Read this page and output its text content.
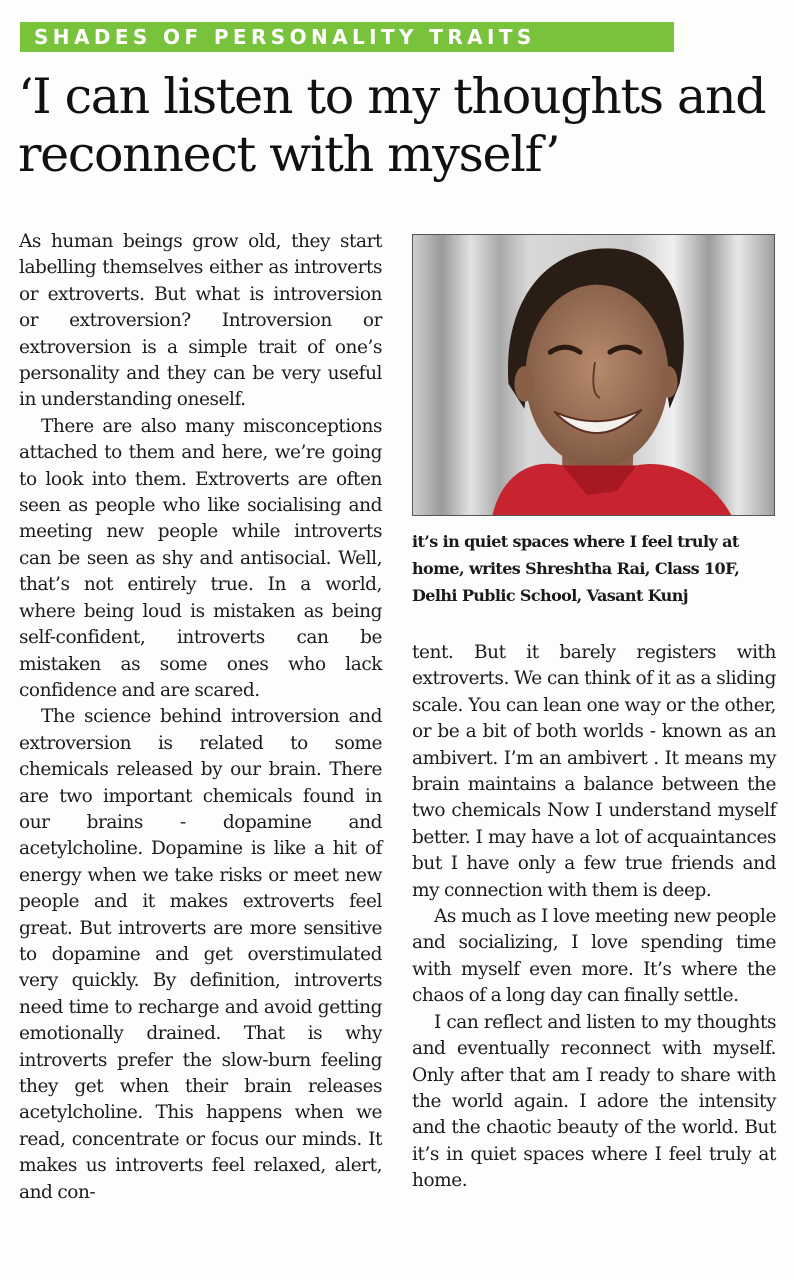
SHADES OF PERSONALITY TRAITS
‘I can listen to my thoughts and reconnect with myself’

As human beings grow old, they start labelling themselves either as introverts or extroverts. But what is introversion or extroversion? Introversion or extroversion is a simple trait of one’s personality and they can be very useful in understanding oneself.

There are also many misconceptions attached to them and here, we’re going to look into them. Extroverts are often seen as people who like socialising and meeting new people while introverts can be seen as shy and antisocial. Well, that’s not entirely true. In a world, where being loud is mistaken as being self-confident, introverts can be mistaken as some ones who lack confidence and are scared.

The science behind introversion and extroversion is related to some chemicals released by our brain. There are two important chemicals found in our brains - dopamine and acetylcholine. Dopamine is like a hit of energy when we take risks or meet new people and it makes extroverts feel great. But introverts are more sensitive to dopamine and get overstimulated very quickly. By definition, introverts need time to recharge and avoid getting emotionally drained. That is why introverts prefer the slow-burn feeling they get when their brain releases acetylcholine. This happens when we read, concentrate or focus our minds. It makes us introverts feel relaxed, alert, and con-

it’s in quiet spaces where I feel truly at home, writes Shreshtha Rai, Class 10F, Delhi Public School, Vasant Kunj

tent. But it barely registers with extroverts. We can think of it as a sliding scale. You can lean one way or the other, or be a bit of both worlds - known as an ambivert. I’m an ambivert . It means my brain maintains a balance between the two chemicals Now I understand myself better. I may have a lot of acquaintances but I have only a few true friends and my connection with them is deep.

As much as I love meeting new people and socializing, I love spending time with myself even more. It’s where the chaos of a long day can finally settle.

I can reflect and listen to my thoughts and eventually reconnect with myself. Only after that am I ready to share with the world again. I adore the intensity and the chaotic beauty of the world. But it’s in quiet spaces where I feel truly at home.
